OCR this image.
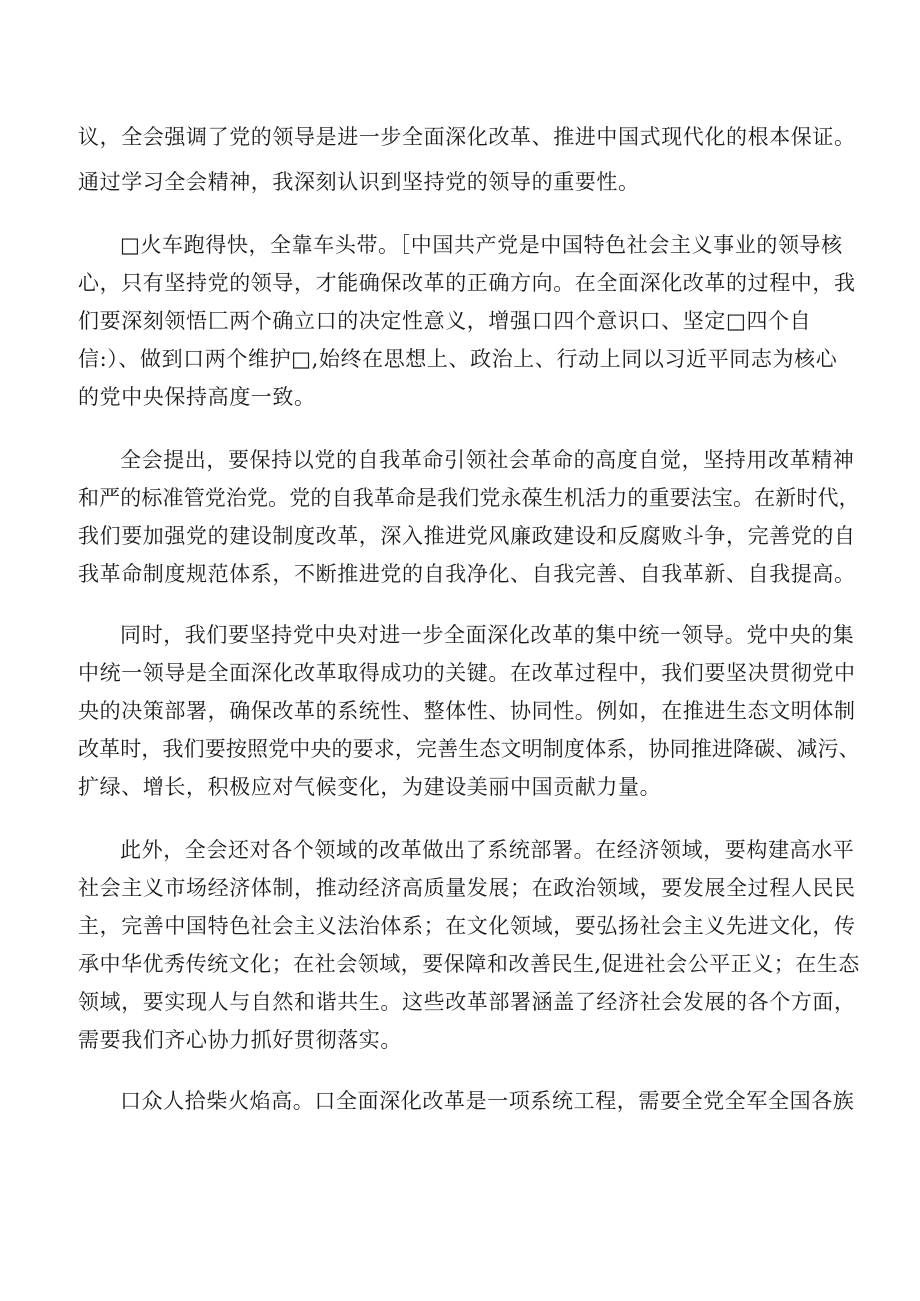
议，全会强调了党的领导是进一步全面深化改革、推进中国式现代化的根本保证。
通过学习全会精神，我深刻认识到坚持党的领导的重要性。
□火车跑得快，全靠车头带。［中国共产党是中国特色社会主义事业的领导核
心，只有坚持党的领导，才能确保改革的正确方向。在全面深化改革的过程中，我
们要深刻领悟匚两个确立口的决定性意义，增强口四个意识口、坚定□四个自
信:）、做到口两个维护□,始终在思想上、政治上、行动上同以习近平同志为核心
的党中央保持高度一致。
全会提出，要保持以党的自我革命引领社会革命的高度自觉，坚持用改革精神
和严的标准管党治党。党的自我革命是我们党永葆生机活力的重要法宝。在新时代，
我们要加强党的建设制度改革，深入推进党风廉政建设和反腐败斗争，完善党的自
我革命制度规范体系，不断推进党的自我净化、自我完善、自我革新、自我提高。
同时，我们要坚持党中央对进一步全面深化改革的集中统一领导。党中央的集
中统一领导是全面深化改革取得成功的关键。在改革过程中，我们要坚决贯彻党中
央的决策部署，确保改革的系统性、整体性、协同性。例如，在推进生态文明体制
改革时，我们要按照党中央的要求，完善生态文明制度体系，协同推进降碳、减污、
扩绿、增长，积极应对气候变化，为建设美丽中国贡献力量。
此外，全会还对各个领域的改革做出了系统部署。在经济领域，要构建高水平
社会主义市场经济体制，推动经济高质量发展；在政治领域，要发展全过程人民民
主，完善中国特色社会主义法治体系；在文化领域，要弘扬社会主义先进文化，传
承中华优秀传统文化；在社会领域，要保障和改善民生,促进社会公平正义；在生态
领域，要实现人与自然和谐共生。这些改革部署涵盖了经济社会发展的各个方面，
需要我们齐心协力抓好贯彻落实。
口众人拾柴火焰高。口全面深化改革是一项系统工程，需要全党全军全国各族
